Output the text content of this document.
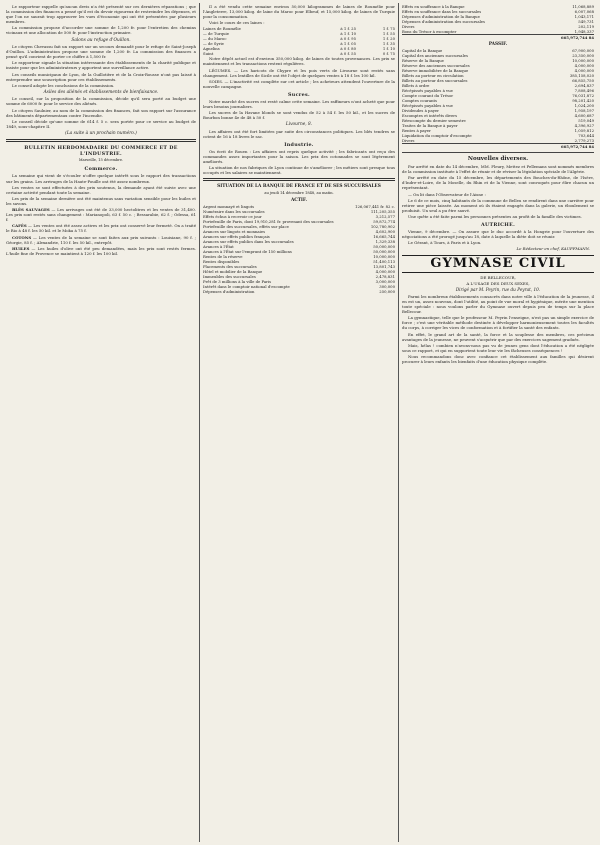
Le rapporteur rappelle qu'aucun devis n'a été présenté sur ces dernières réparations ; que la commission des finances a pensé qu'il est du devoir rigoureux de restreindre les dépenses, et que l'on ne saurait trop approuver les vues d'économie qui ont été présentées par plusieurs membres.

La commission propose d'accorder une somme de 1,200 fr. pour l'entretien des chemins vicinaux et une allocation de 500 fr. pour l'instruction primaire.

Salons au refuge d'Ouillon.

Le citoyen Chevassu fait un rapport sur un secours demandé pour le refuge de Saint-Joseph d'Ouillon. L'administration propose une somme de 1,200 fr. La commission des finances a pensé qu'il convient de porter ce chiffre à 1,500 fr.

Le rapporteur signale la situation intéressante des établissements de la charité publique et insiste pour que les administrateurs y apportent une surveillance active.

Les conseils municipaux de Lyon, de la Guillotière et de la Croix-Rousse n'ont pas laissé à entreprendre une souscription pour ces établissements.

Le conseil adopte les conclusions de la commission.

Asiles des aliénés et établissements de bienfaisance.

Le conseil, sur la proposition de la commission, décide qu'il sera porté au budget une somme de 6000 fr. pour le service des aliénés.

Le citoyen Saulnier, au nom de la commission des finances, fait son rapport sur l'assurance des bâtiments départementaux contre l'incendie.

Le conseil décide qu'une somme de 614 f. 5 c. sera portée pour ce service au budget de 1849, sous-chapitre II.

(La suite à un prochain numéro.)
BULLETIN HEBDOMADAIRE DU COMMERCE ET DE L'INDUSTRIE.
Marseille, 15 décembre.
Commerce.

La semaine qui vient de s'écouler n'offre quelque intérêt sous le rapport des transactions sur les grains. Les arrivages de la Haute-Pouille ont été assez nombreux.

Les ventes se sont effectuées à des prix soutenus, la demande ayant été suivie avec une certaine activité pendant toute la semaine.

Les prix de la semaine dernière ont été maintenus sans variation sensible pour les huiles et les savons.

BLÉS SAUVAGES — Les arrivages ont été de 33,000 hectolitres et les ventes de 31,400. Les prix sont restés sans changement : Marianopoli, 63 f. 50 c. ; Bessarabie, 62 f. ; Odessa, 61 f.

CAFÉS — Les ventes ont été assez actives et les prix ont conservé leur fermeté. On a traité le Rio à 48 f. les 50 kil. et le Moka à 75 f.

COTONS — Les ventes de la semaine se sont faites aux prix suivants : Louisiane, 90 f. ; Géorgie, 85 f. ; Alexandrie, 110 f. les 50 kil., entrepôt.

HUILES — Les huiles d'olive ont été peu demandées, mais les prix sont restés fermes. L'huile fine de Provence se maintient à 120 f. les 100 kil.

Il a été vendu cette semaine environ 50,000 kilogrammes de laines de Roumélie pour l'Angleterre, 13,000 kilog. de laine du Maroc pour Elbeuf, et 15,000 kilog. de laines de Turquie pour la consommation.

Voici le cours de ces laines :

Laines de Roumélie	à 1 f. 25	1 f. 75
— de Turquie	à 1 f. 10	1 f. 55
— du Maroc	à 0 f. 95	1 f. 20
— de Syrie	à 1 f. 05	1 f. 35
Agnelins	à 0 f. 80	1 f. 10
Suint	à 0 f. 55	0 f. 75

Notre dépôt actuel est d'environ 350,000 kilog. de laines de toutes provenances. Les prix se maintiennent et les transactions restent régulières.

LÉGUMES. — Les haricots de Chypre et les pois verts de Livourne sont restés sans changement. Les lentilles de Sicile ont été l'objet de quelques ventes à 18 f. les 100 kil.

SOIES. — L'inactivité est complète sur cet article ; les acheteurs attendent l'ouverture de la nouvelle campagne.

Sucres.

Notre marché des sucres est resté calme cette semaine. Les raffineurs n'ont acheté que pour leurs besoins journaliers.

Les sucres de la Havane blonds se sont vendus de 52 à 54 f. les 50 kil., et les sucres de Bourbon bonne 4e de 48 à 50 f.

Livourne, 8.

Les affaires ont été fort limitées par suite des circonstances politiques. Les blés tendres se cotent de 16 à 18 livres le sac.

Industrie.

On écrit de Rouen : Les affaires ont repris quelque activité ; les fabricants ont reçu des commandes assez importantes pour la saison. Les prix des cotonnades se sont légèrement améliorés.

La situation de nos fabriques de Lyon continue de s'améliorer ; les métiers sont presque tous occupés et les salaires se maintiennent.

SITUATION DE LA BANQUE DE FRANCE ET DE SES SUCCURSALES
au jeudi 14 décembre 1848, au matin.
ACTIF.
Argent monnayé et lingots	126,067,441 fr. 82 c.
Numéraire dans les succursales	111,205,355
Effets échus à recevoir ce jour	3,212,577
Portefeuille de Paris, dont 19,910,281 fr. provenant des succursales	59,872,774
Portefeuille des succursales, effets sur place	102,780,902
Avances sur lingots et monnaies	4,602,900
Avances sur effets publics français	16,665,744
Avances sur effets publics dans les succursales	1,329,338
Avances à l'État	50,000,000
Avances à l'État sur l'emprunt de 150 millions	50,000,000
Rentes de la réserve	10,000,000
Rentes disponibles	51,400,113
Placements des succursales	13,801,743
Hôtel et mobilier de la Banque	4,000,000
Immeubles des succursales	2,478,831
Prêt de 3 millions à la ville de Paris	3,000,000
Intérêt dans le comptoir national d'escompte	300,000
Dépenses d'administration	250,000
Effets en souffrance à la Banque	11,068,889
Effets en souffrance dans les succursales	6,007,068
Dépenses d'administration de la Banque	1,043,171
Dépenses d'administration des succursales	549,731
Divers	202,119
Bons du Trésor à escompter	1,948,337
	665,972,744 84
PASSIF.
Capital de la Banque	67,900,000
Capital des anciennes succursales	23,350,000
Réserve de la Banque	10,000,000
Réserve des anciennes succursales	4,000,000
Réserve immobilière de la Banque	4,000,000
Billets au porteur en circulation	385,158,020
Billets au porteur des succursales	66,855,750
Billets à ordre	2,694,837
Récépissés payables à vue	7,808,496
Compte courant du Trésor	76,031,872
Comptes courants	98,201,420
Récépissés payables à vue	1,024,200
Dividendes à payer	1,958,197
Escomptes et intérêts divers	4,600,687
Réescompte du dernier semestre	519,049
Traites de la Banque à payer	4,396,927
Rentes à payer	1,059,812
Liquidation du comptoir d'escompte	703,644
Divers	2,779,273
	665,972,744 84
Nouvelles diverses.

Par arrêté en date du 14 décembre, MM. Fleury, Mettez et Pellemans sont nommés membres de la commission instituée à l'effet de réunir et de réviser la législation spéciale de l'Algérie.

Par arrêté en date du 15 décembre, les départements des Bouches-du-Rhône, de l'Isère, d'Indre-et-Loire, de la Moselle, du Rhin et de la Vienne, sont convoqués pour élire chacun un représentant.

— On lit dans l'Observateur de l'Aisne :

Le 6 de ce mois, cinq habitants de la commune de Belleu se rendirent dans une carrière pour retirer une pièce laissée. Au moment où ils étaient engagés dans la galerie, un éboulement se produisit. Un seul a pu être sauvé.

Une quête a été faite parmi les personnes présentes au profit de la famille des victimes.

AUTRICHE.

Vienne, 9 décembre. — On assure que le duc accordé à la Hongrie pour l'ouverture des négociations a été prorogé jusqu'au 18, date à laquelle la diète doit se réunir.

Le Gérant, à Tours, à Paris et à Lyon.

Le Rédacteur en chef, KAUFFMANN.
GYMNASE CIVIL
DE BELLECOUR,
A L'USAGE DES DEUX SEXES,
Dirigé par M. Peyrin, rue du Peyrat, 10.

Parmi les nombreux établissements consacrés dans notre ville à l'éducation de la jeunesse, il en est un, assez nouveau, dont l'utilité, au point de vue moral et hygiénique, mérite une mention toute spéciale : nous voulons parler du Gymnase ouvert depuis peu de temps sur la place Bellecour.

La gymnastique, telle que le professeur M. Peyrin l'enseigne, n'est pas un simple exercice de force ; c'est une véritable méthode destinée à développer harmonieusement toutes les facultés du corps, à corriger les vices de conformation et à fortifier la santé des enfants.

En effet, le grand art de la santé, la force et la souplesse des membres, ces précieux avantages de la jeunesse, ne peuvent s'acquérir que par des exercices sagement gradués.

Mais, hélas ! combien n'avons-nous pas vu de jeunes gens dont l'éducation a été négligée sous ce rapport, et qui en supportent toute leur vie les fâcheuses conséquences !

Nous recommandons donc avec confiance cet établissement aux familles qui désirent procurer à leurs enfants les bienfaits d'une éducation physique complète.
